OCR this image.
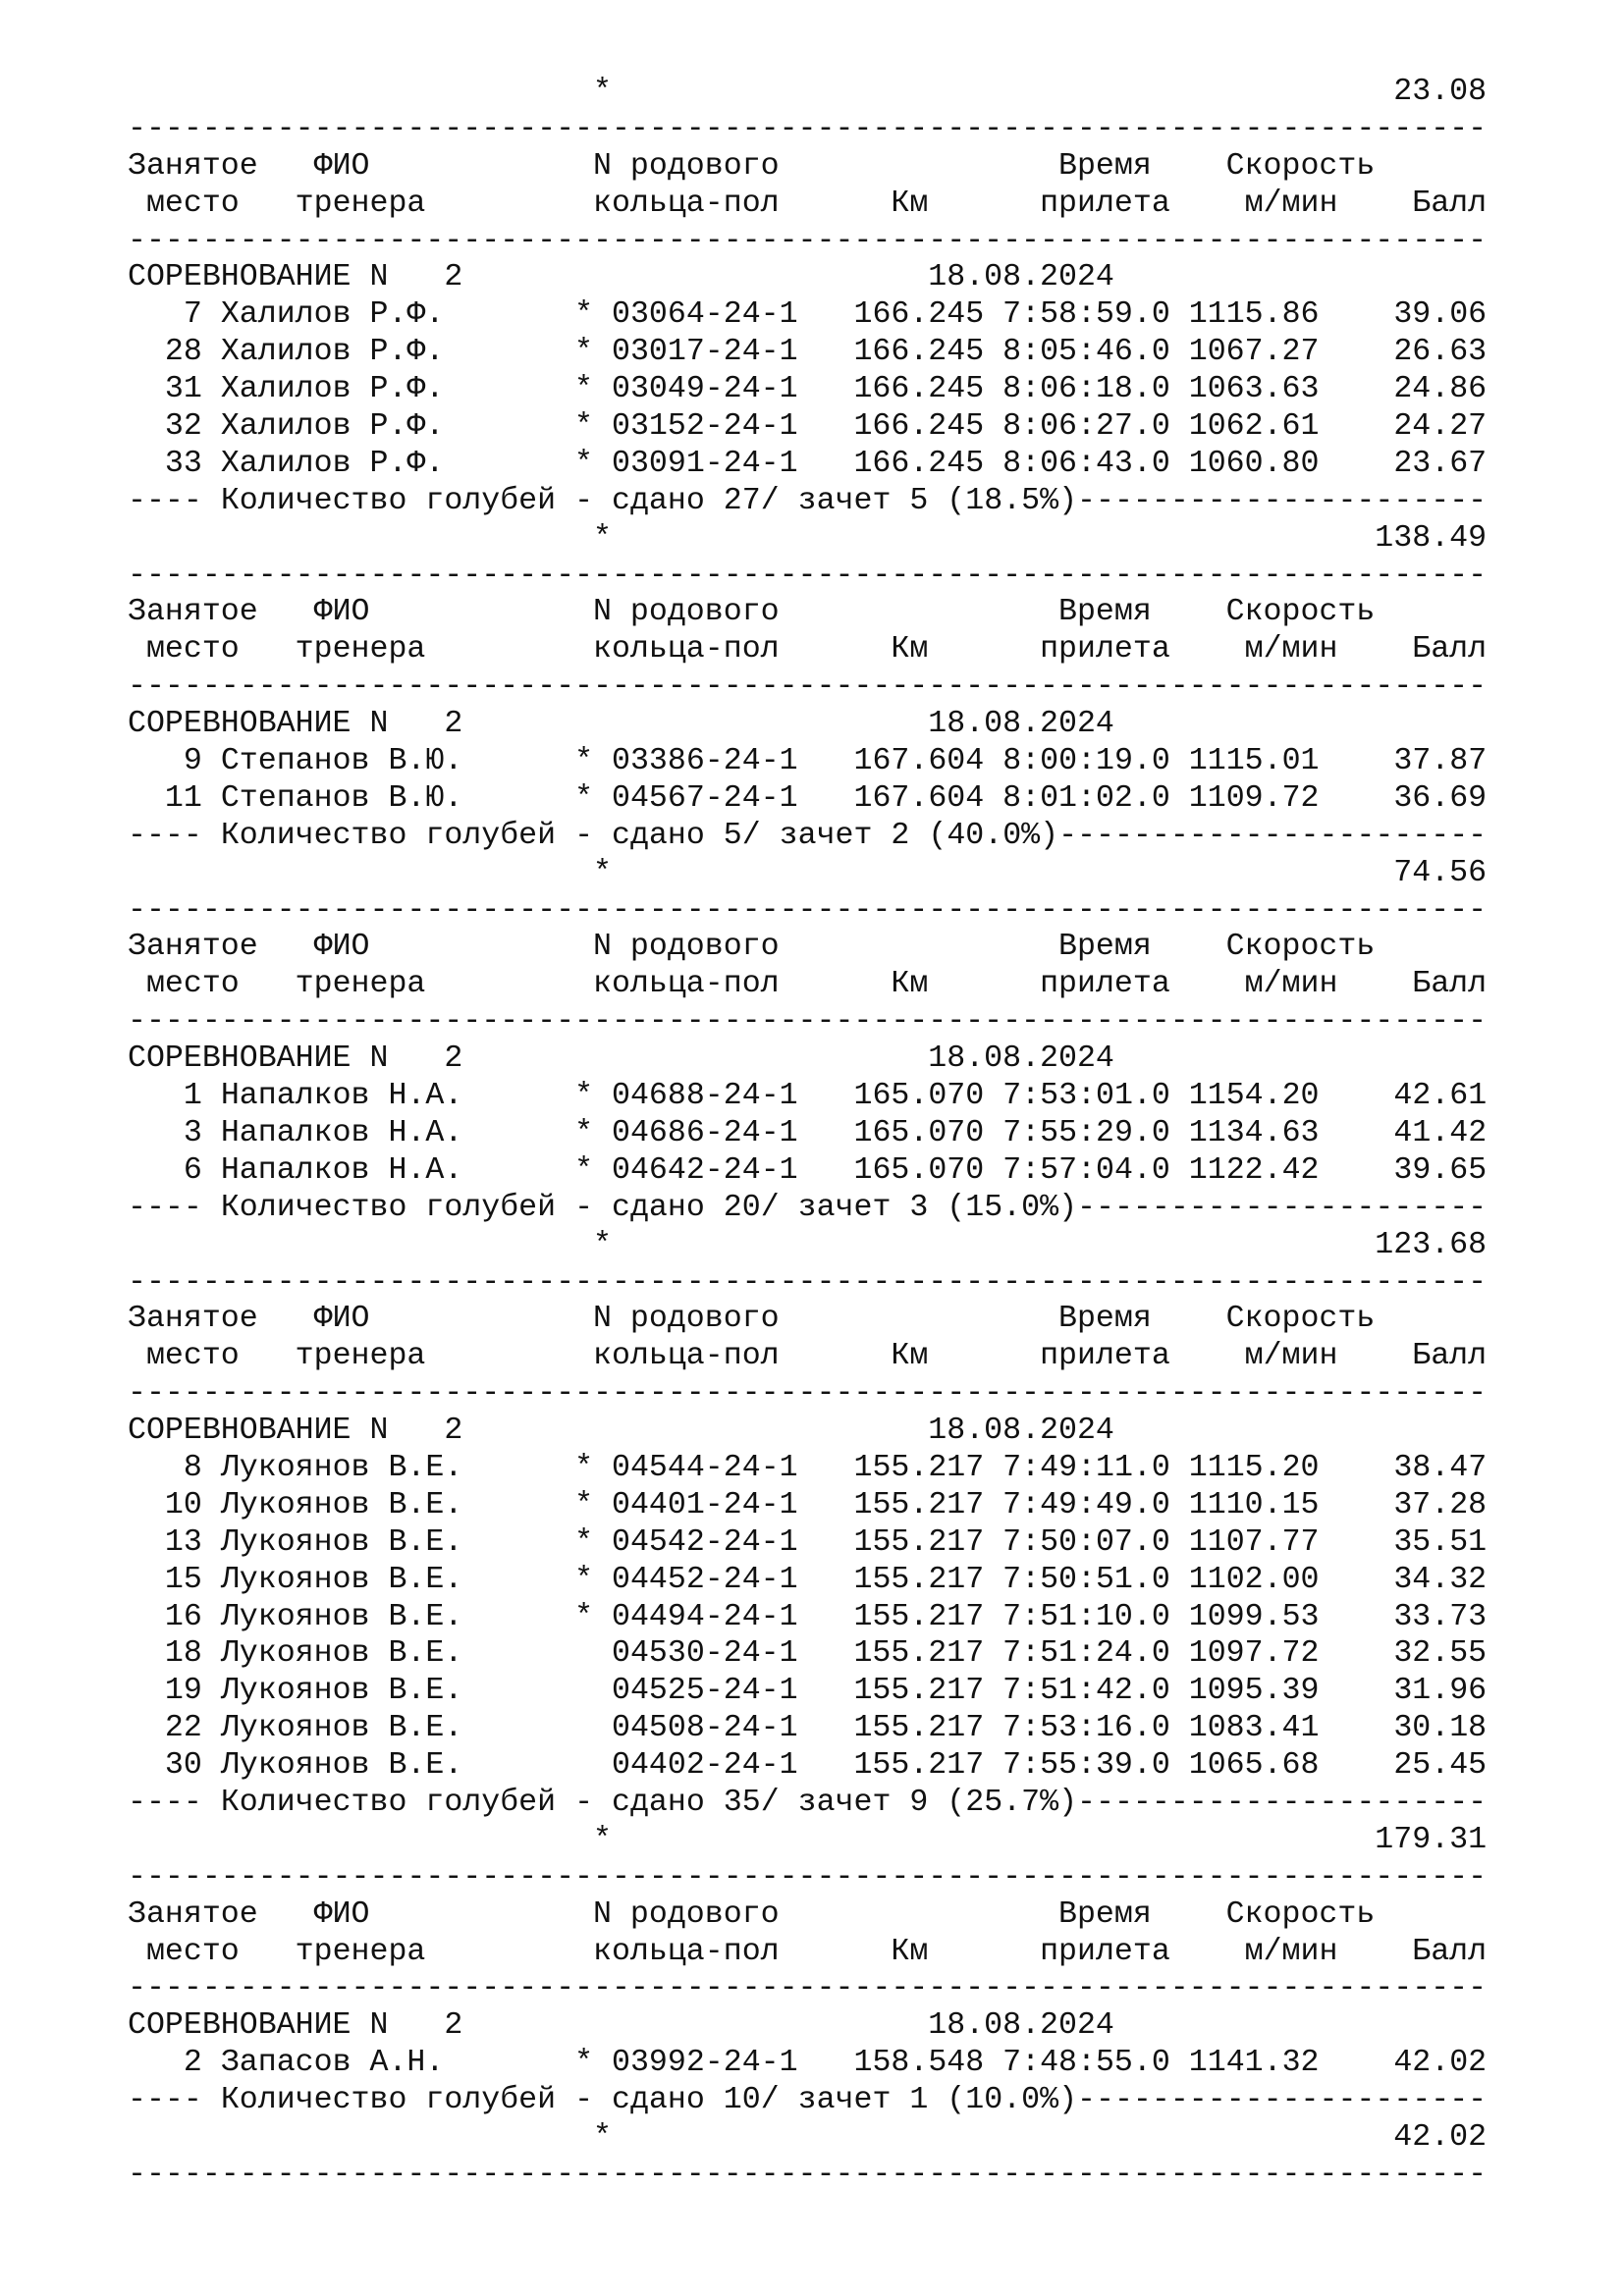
*	23.08
-------------------------------------------------------------------------
Занятое ФИО	N родового	Время Скорость
место тренера	кольца-пол	Км	прилета м/мин Балл
-------------------------------------------------------------------------
СОРЕВНОВАНИЕ N 2	18.08.2024
7 Халилов Р.Ф.	* 03064-24-1 166.245 7:58:59.0 1115.86 39.06
28 Халилов Р.Ф.	* 03017-24-1 166.245 8:05:46.0 1067.27 26.63
31 Халилов Р.Ф.	* 03049-24-1 166.245 8:06:18.0 1063.63 24.86
32 Халилов Р.Ф.	* 03152-24-1 166.245 8:06:27.0 1062.61 24.27
33 Халилов Р.Ф.	* 03091-24-1 166.245 8:06:43.0 1060.80 23.67
---- Количество голубей - сдано 27/ зачет 5 (18.5%)----------------------
*	138.49
-------------------------------------------------------------------------
Занятое ФИО	N родового	Время Скорость
место тренера	кольца-пол	Км	прилета м/мин Балл
-------------------------------------------------------------------------
СОРЕВНОВАНИЕ N 2	18.08.2024
9 Степанов В.Ю.	* 03386-24-1 167.604 8:00:19.0 1115.01 37.87
11 Степанов В.Ю.	* 04567-24-1 167.604 8:01:02.0 1109.72 36.69
---- Количество голубей - сдано 5/ зачет 2 (40.0%)-----------------------
*	74.56
-------------------------------------------------------------------------
Занятое ФИО	N родового	Время Скорость
место тренера	кольца-пол	Км	прилета м/мин Балл
-------------------------------------------------------------------------
СОРЕВНОВАНИЕ N 2	18.08.2024
1 Напалков Н.А.	* 04688-24-1 165.070 7:53:01.0 1154.20 42.61
3 Напалков Н.А.	* 04686-24-1 165.070 7:55:29.0 1134.63 41.42
6 Напалков Н.А.	* 04642-24-1 165.070 7:57:04.0 1122.42 39.65
---- Количество голубей - сдано 20/ зачет 3 (15.0%)----------------------
*	123.68
-------------------------------------------------------------------------
Занятое ФИО	N родового	Время Скорость
место тренера	кольца-пол	Км	прилета м/мин Балл
-------------------------------------------------------------------------
СОРЕВНОВАНИЕ N 2	18.08.2024
8 Лукоянов В.Е.	* 04544-24-1 155.217 7:49:11.0 1115.20 38.47
10 Лукоянов В.Е.	* 04401-24-1 155.217 7:49:49.0 1110.15 37.28
13 Лукоянов В.Е.	* 04542-24-1 155.217 7:50:07.0 1107.77 35.51
15 Лукоянов В.Е.	* 04452-24-1 155.217 7:50:51.0 1102.00 34.32
16 Лукоянов В.Е.	* 04494-24-1 155.217 7:51:10.0 1099.53 33.73
18 Лукоянов В.Е.	04530-24-1 155.217 7:51:24.0 1097.72 32.55
19 Лукоянов В.Е.	04525-24-1 155.217 7:51:42.0 1095.39 31.96
22 Лукоянов В.Е.	04508-24-1 155.217 7:53:16.0 1083.41 30.18
30 Лукоянов В.Е.	04402-24-1 155.217 7:55:39.0 1065.68 25.45
---- Количество голубей - сдано 35/ зачет 9 (25.7%)----------------------
*	179.31
-------------------------------------------------------------------------
Занятое ФИО	N родового	Время Скорость
место тренера	кольца-пол	Км	прилета м/мин Балл
-------------------------------------------------------------------------
СОРЕВНОВАНИЕ N 2	18.08.2024
2 Запасов А.Н.	* 03992-24-1 158.548 7:48:55.0 1141.32 42.02
---- Количество голубей - сдано 10/ зачет 1 (10.0%)----------------------
*	42.02
-------------------------------------------------------------------------
